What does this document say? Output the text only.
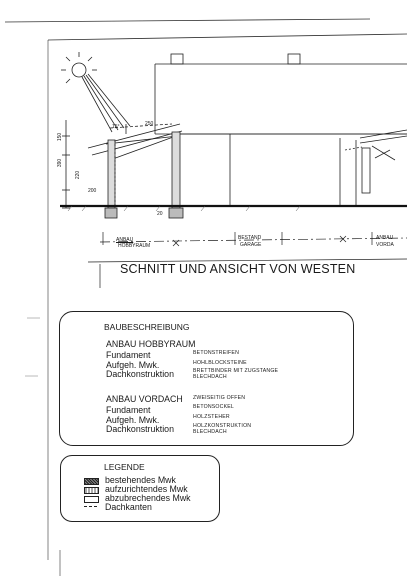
150
390
220
200
250
15°
20
ANBAU
HOBBYRAUM
BESTAND
GARAGE
ANBAU
VORDA
SCHNITT UND ANSICHT VON WESTEN
BAUBESCHREIBUNG
ANBAU HOBBYRAUM
Fundament	BETONSTREIFEN
Aufgeh. Mwk.	HOHLBLOCKSTEINE
Dachkonstruktion	BRETTBINDER MIT ZUGSTANGE
BLECHDACH
ANBAU VORDACH ZWEISEITIG OFFEN
Fundament	BETONSOCKEL
Aufgeh. Mwk.	HOLZSTEHER
Dachkonstruktion	HOLZKONSTRUKTION
BLECHDACH
LEGENDE
bestehendes Mwk
aufzurichtendes Mwk
abzubrechendes Mwk
Dachkanten
